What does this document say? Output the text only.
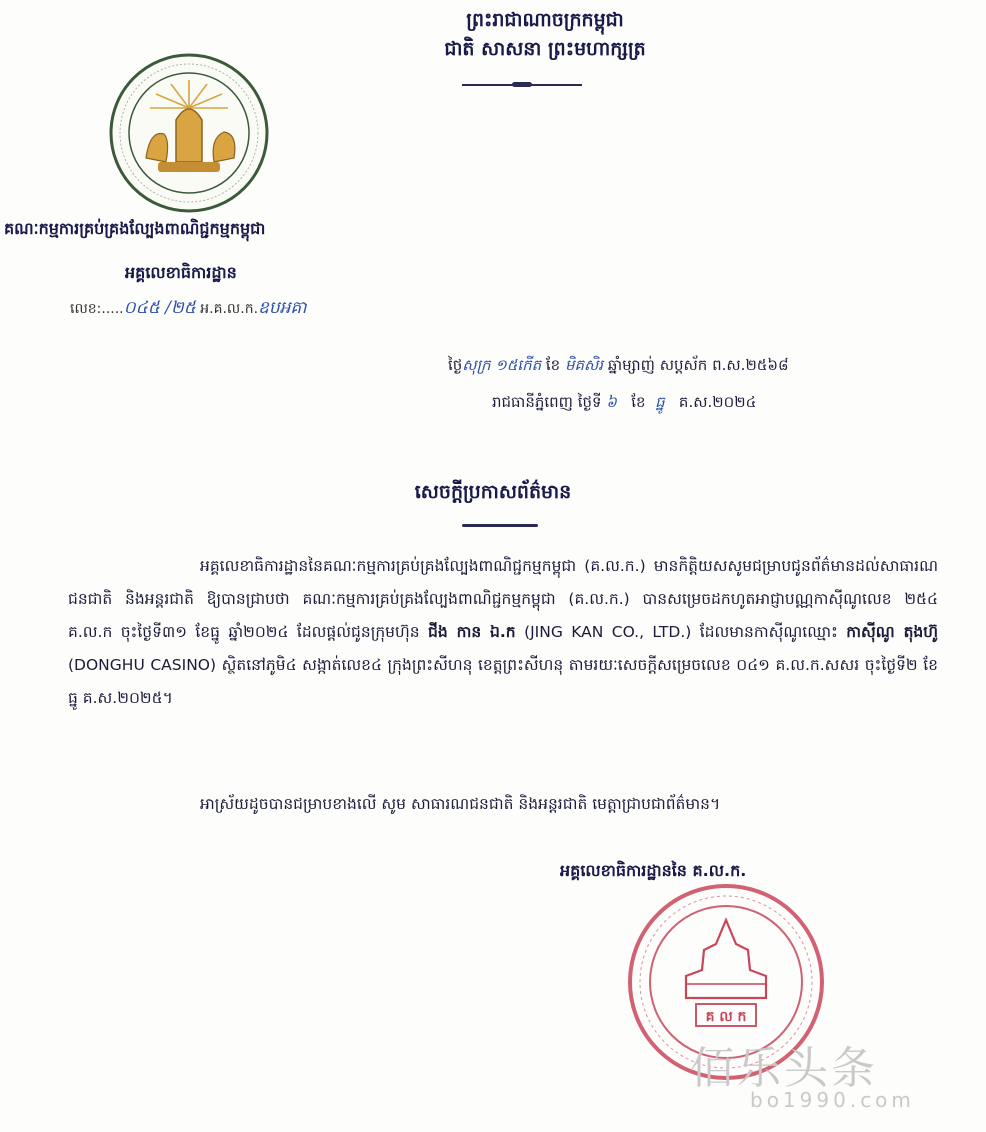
ព្រះរាជាណាចក្រកម្ពុជា
ជាតិ សាសនា ព្រះមហាក្សត្រ
គណៈកម្មការគ្រប់គ្រងល្បែងពាណិជ្ជកម្មកម្ពុជា
អគ្គលេខាធិការដ្ឋាន
លេខ:.....០៤៥ /២៥ អ.គ.ល.ក.ឧបអគា
ថ្ងៃសុក្រ ១៥កើត ខែ មិគសិរ ឆ្នាំម្សាញ់ សប្តស័ក ព.ស.២៥៦៨
រាជធានីភ្នំពេញ ថ្ងៃទី ៦ ខែ ធ្នូ គ.ស.២០២៤
សេចក្តីប្រកាសព័ត៌មាន

អគ្គលេខាធិការដ្ឋាននៃគណៈកម្មការគ្រប់គ្រងល្បែងពាណិជ្ជកម្មកម្ពុជា (គ.ល.ក.) មានកិត្តិយសសូមជម្រាបជូនព័ត៌មានដល់សាធារណជនជាតិ និងអន្តរជាតិ ឱ្យបានជ្រាបថា គណៈកម្មការគ្រប់គ្រងល្បែងពាណិជ្ជកម្មកម្ពុជា (គ.ល.ក.) បានសម្រេចដកហូតអាជ្ញាបណ្ណកាស៊ីណូលេខ ២៥៤ គ.ល.ក ចុះថ្ងៃទី៣១ ខែធ្នូ ឆ្នាំ២០២៤ ដែលផ្តល់ជូនក្រុមហ៊ុន ជីង កាន ឯ.ក (JING KAN CO., LTD.) ដែលមានកាស៊ីណូឈ្មោះ កាស៊ីណូ តុងហ៊ូ (DONGHU CASINO) ស្ថិតនៅភូមិ៤ សង្កាត់លេខ៤ ក្រុងព្រះសីហនុ ខេត្តព្រះសីហនុ តាមរយៈសេចក្តីសម្រេចលេខ ០៤១ គ.ល.ក.សសរ ចុះថ្ងៃទី២ ខែធ្នូ គ.ស.២០២៥។

អាស្រ័យដូចបានជម្រាបខាងលើ សូម សាធារណជនជាតិ និងអន្តរជាតិ មេត្តាជ្រាបជាព័ត៌មាន។

អគ្គលេខាធិការដ្ឋាននៃ គ.ល.ក.
គ ល ក
佰乐头条
bo1990.com
